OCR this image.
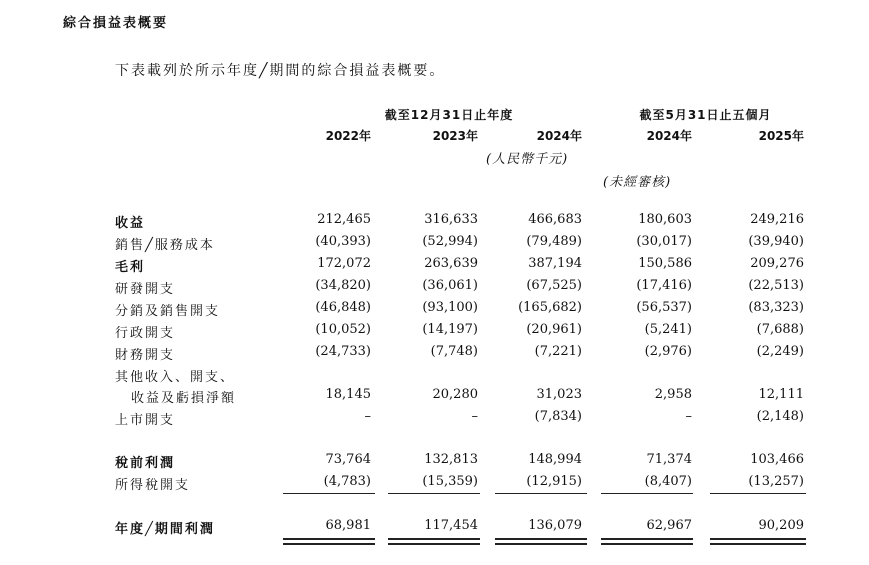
綜合損益表概要
下表載列於所示年度╱期間的綜合損益表概要。
截至12月31日止年度	截至5月31日止五個月
2022年	2023年	2024年	2024年	2025年
(人民幣千元)
(未經審核)
收益	212,465	316,633	466,683	180,603	249,216
銷售╱服務成本	(40,393)	(52,994)	(79,489)	(30,017)	(39,940)
毛利	172,072	263,639	387,194	150,586	209,276
研發開支	(34,820)	(36,061)	(67,525)	(17,416)	(22,513)
分銷及銷售開支	(46,848)	(93,100)	(165,682)	(56,537)	(83,323)
行政開支	(10,052)	(14,197)	(20,961)	(5,241)	(7,688)
財務開支	(24,733)	(7,748)	(7,221)	(2,976)	(2,249)
其他收入、開支、
收益及虧損淨額	18,145	20,280	31,023	2,958	12,111
上市開支	–	–	(7,834)	–	(2,148)
稅前利潤	73,764	132,813	148,994	71,374	103,466
所得稅開支	(4,783)	(15,359)	(12,915)	(8,407)	(13,257)
年度╱期間利潤	68,981	117,454	136,079	62,967	90,209
